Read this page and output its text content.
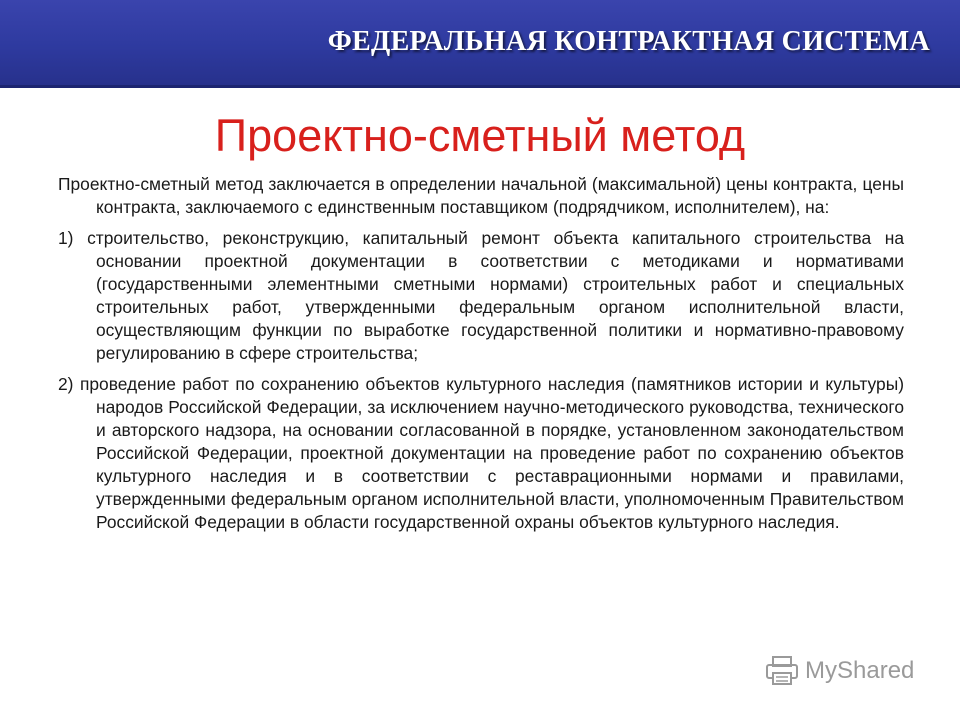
ФЕДЕРАЛЬНАЯ КОНТРАКТНАЯ СИСТЕМА
Проектно-сметный метод

Проектно-сметный метод заключается в определении начальной (максимальной) цены контракта, цены контракта, заключаемого с единственным поставщиком (подрядчиком, исполнителем), на:

1) строительство, реконструкцию, капитальный ремонт объекта капитального строительства на основании проектной документации в соответствии с методиками и нормативами (государственными элементными сметными нормами) строительных работ и специальных строительных работ, утвержденными федеральным органом исполнительной власти, осуществляющим функции по выработке государственной политики и нормативно-правовому регулированию в сфере строительства;

2) проведение работ по сохранению объектов культурного наследия (памятников истории и культуры) народов Российской Федерации, за исключением научно-методического руководства, технического и авторского надзора, на основании согласованной в порядке, установленном законодательством Российской Федерации, проектной документации на проведение работ по сохранению объектов культурного наследия и в соответствии с реставрационными нормами и правилами, утвержденными федеральным органом исполнительной власти, уполномоченным Правительством Российской Федерации в области государственной охраны объектов культурного наследия.

MyShared
